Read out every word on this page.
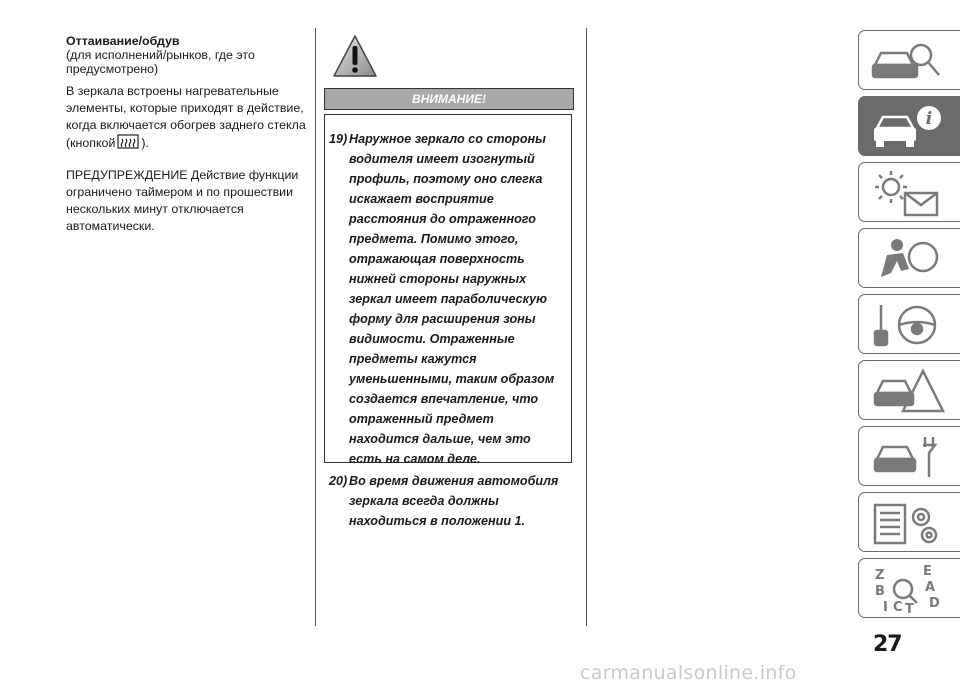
Оттаивание/обдув

(для исполнений/рынков, где это
предусмотрено)

В зеркала встроены нагревательные
элементы, которые приходят в действие,
когда включается обогрев заднего стекла
(кнопкой ).

ПРЕДУПРЕЖДЕНИЕ Действие функции
ограничено таймером и по прошествии
нескольких минут отключается
автоматически.

ВНИМАНИЕ!
19) Наружное зеркало со стороны водителя имеет изогнутый профиль, поэтому оно слегка искажает восприятие расстояния до отраженного предмета. Помимо этого, отражающая поверхность нижней стороны наружных зеркал имеет параболическую форму для расширения зоны видимости. Отраженные предметы кажутся уменьшенными, таким образом создается впечатление, что отраженный предмет находится дальше, чем это есть на самом деле.
20) Во время движения автомобиля зеркала всегда должны находиться в положении 1.
i
Z	E
A
B
D
I C T
27
carmanualsonline.info
